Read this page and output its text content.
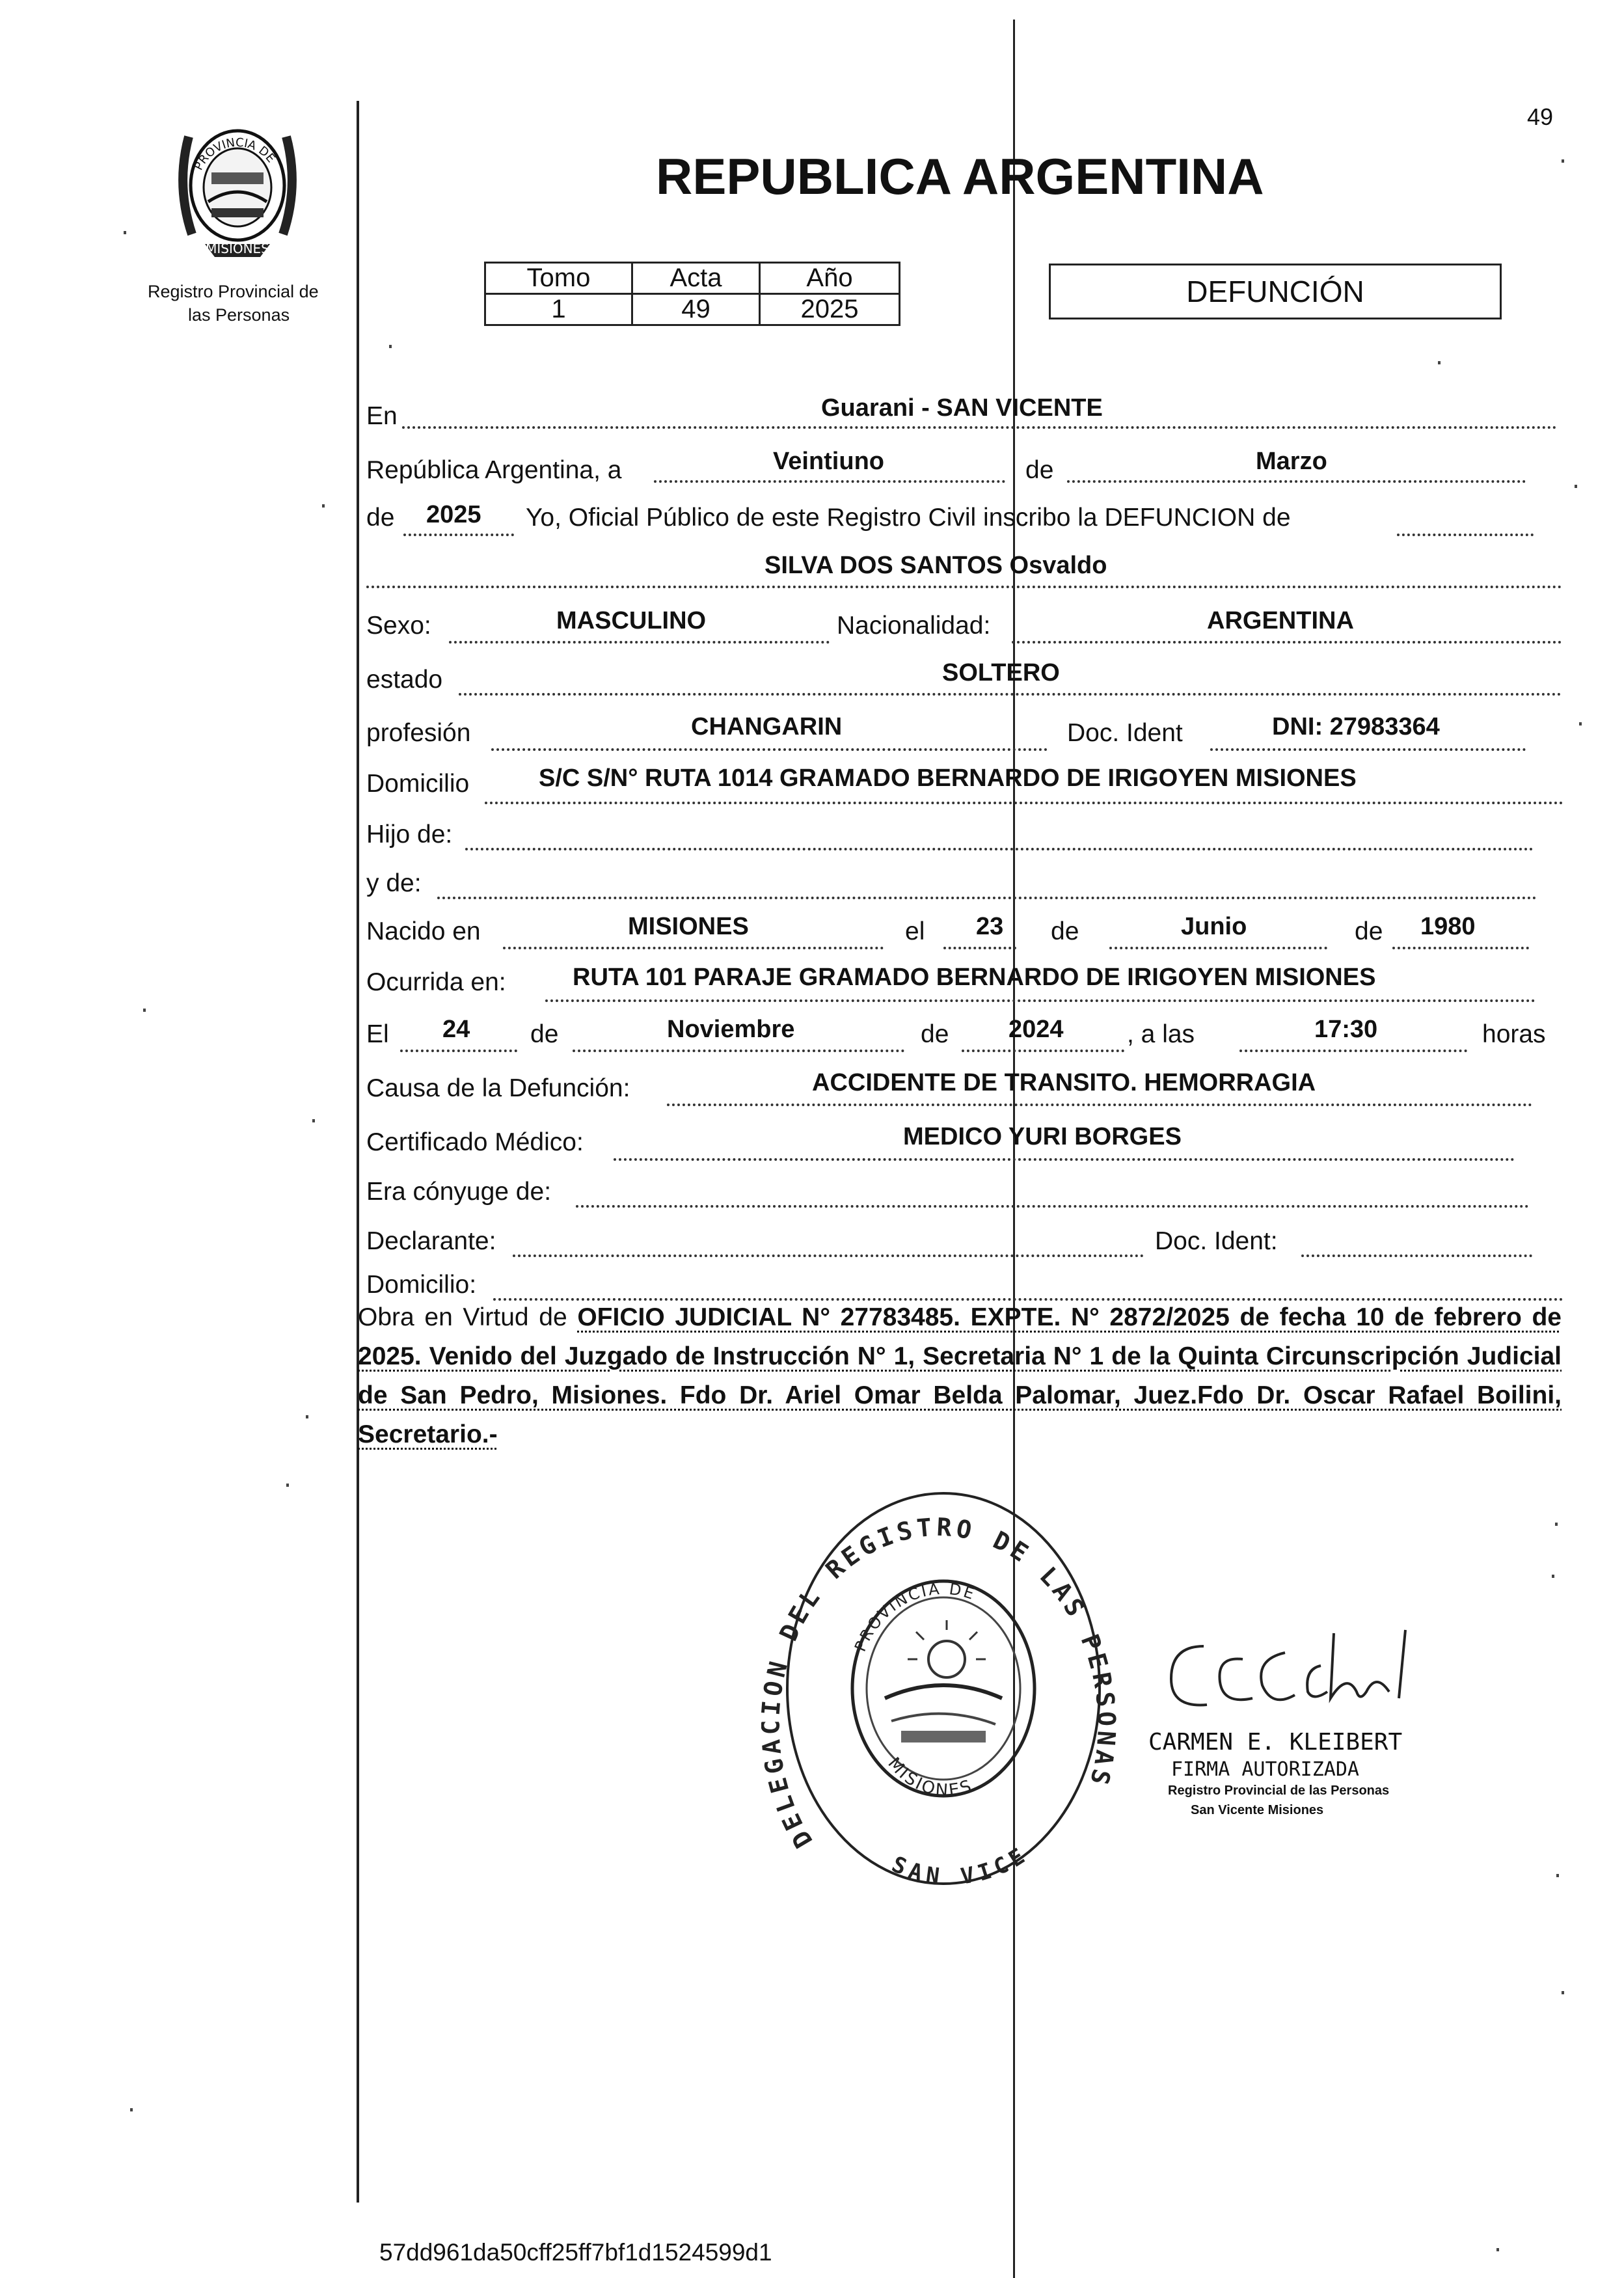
49
PROVINCIA DE
MISIONES
Registro Provincial de
las Personas
REPUBLICA ARGENTINA
Tomo	Acta	Año
1	49	2025
DEFUNCIÓN
En	Guarani - SAN VICENTE
República Argentina, a	Veintiuno	de	Marzo
de 2025 Yo, Oficial Público de este Registro Civil inscribo la DEFUNCION de
SILVA DOS SANTOS Osvaldo
Sexo:	MASCULINO	Nacionalidad:	ARGENTINA
estado	SOLTERO
profesión	CHANGARIN	Doc. Ident	DNI: 27983364
Domicilio	S/C S/N° RUTA 1014 GRAMADO BERNARDO DE IRIGOYEN MISIONES
Hijo de:
y de:
Nacido en	MISIONES	el 23 de	Junio	de 1980
Ocurrida en:	RUTA 101 PARAJE GRAMADO BERNARDO DE IRIGOYEN MISIONES
El 24 de	Noviembre	de 2024 , a las	17:30	horas
Causa de la Defunción:	ACCIDENTE DE TRANSITO. HEMORRAGIA
Certificado Médico:	MEDICO YURI BORGES
Era cónyuge de:
Declarante:	Doc. Ident:
Domicilio:
Obra en Virtud de OFICIO JUDICIAL N° 27783485. EXPTE. N° 2872/2025 de fecha 10 de febrero de 2025. Venido del Juzgado de Instrucción N° 1, Secretaria N° 1 de la Quinta Circunscripción Judicial de San Pedro, Misiones. Fdo Dr. Ariel Omar Belda Palomar, Juez.Fdo Dr. Oscar Rafael Boilini, Secretario.-
DELEG ON DEL REGISTRO DE LAS PERSONAS
SAN VICE
PROVINCIA DE
MISIONES
CE Kleibert
CARMEN E. KLEIBERT
FIRMA AUTORIZADA
Registro Provincial de las Personas
San Vicente Misiones
57dd961da50cff25ff7bf1d1524599d1
